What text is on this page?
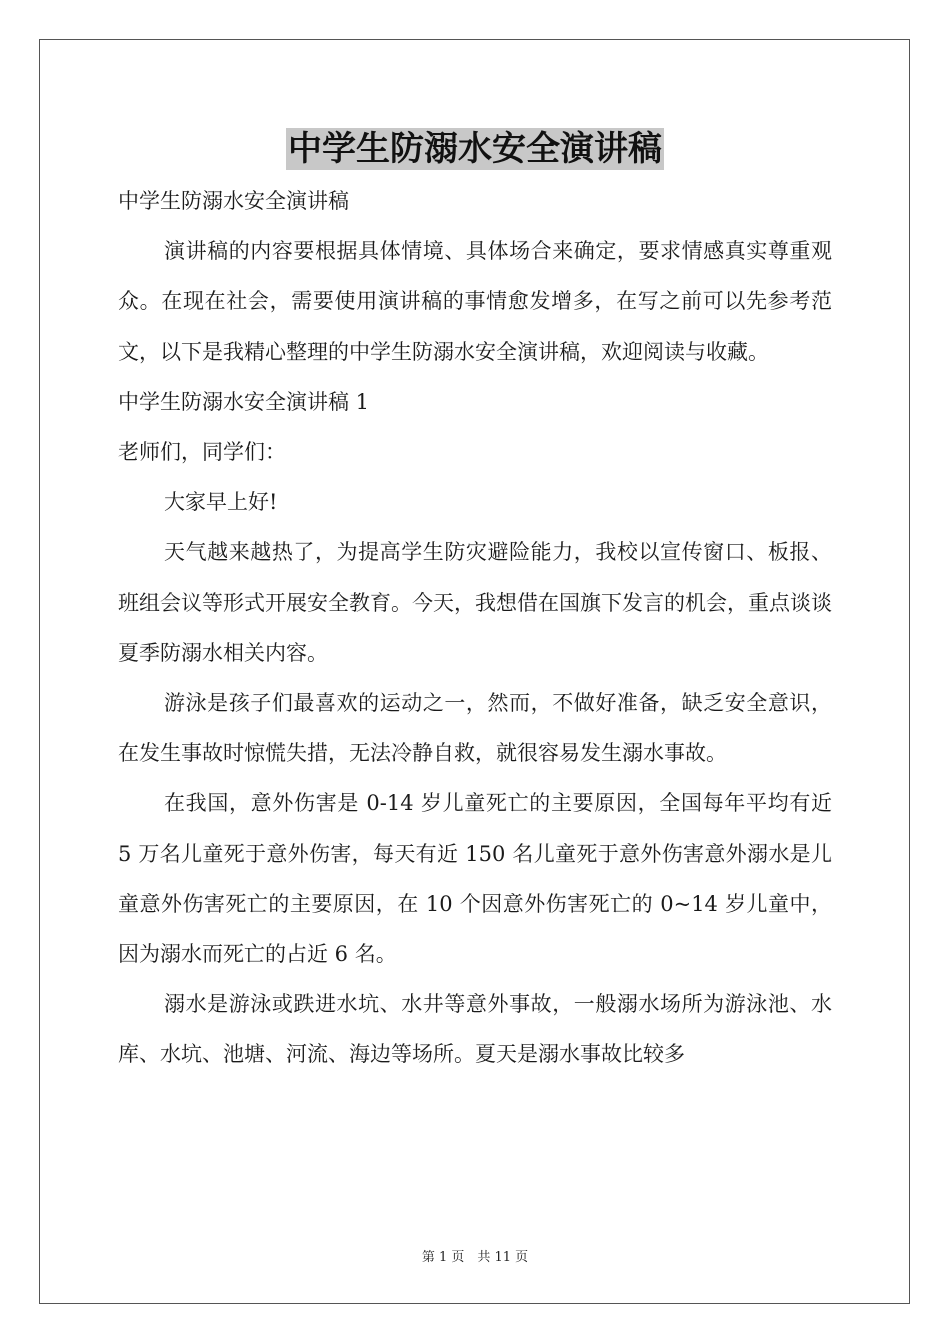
中学生防溺水安全演讲稿

中学生防溺水安全演讲稿

演讲稿的内容要根据具体情境、具体场合来确定，要求情感真实尊重观众。在现在社会，需要使用演讲稿的事情愈发增多，在写之前可以先参考范文，以下是我精心整理的中学生防溺水安全演讲稿，欢迎阅读与收藏。

中学生防溺水安全演讲稿 1

老师们，同学们：

大家早上好!

天气越来越热了，为提高学生防灾避险能力，我校以宣传窗口、板报、班组会议等形式开展安全教育。今天，我想借在国旗下发言的机会，重点谈谈夏季防溺水相关内容。

游泳是孩子们最喜欢的运动之一，然而，不做好准备，缺乏安全意识，在发生事故时惊慌失措，无法冷静自救，就很容易发生溺水事故。

在我国，意外伤害是 0-14 岁儿童死亡的主要原因，全国每年平均有近 5 万名儿童死于意外伤害，每天有近 150 名儿童死于意外伤害意外溺水是儿童意外伤害死亡的主要原因，在 10 个因意外伤害死亡的 0~14 岁儿童中，因为溺水而死亡的占近 6 名。

溺水是游泳或跌进水坑、水井等意外事故，一般溺水场所为游泳池、水库、水坑、池塘、河流、海边等场所。夏天是溺水事故比较多

第 1 页　共 11 页
